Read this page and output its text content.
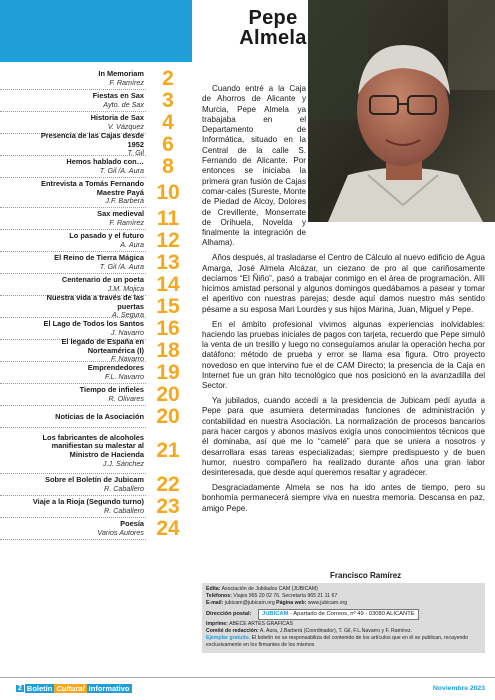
In Memoriam
F. Ramírez 2
Fiestas en Sax
Ayto. de Sax 3
Historia de Sax
V. Vázquez 4
Presencia de las Cajas desde 1952
T. Gil 6
Hemos hablado con…
T. Gil /A. Aura 8
Entrevista a Tomás Fernando Maestre Payá
J.F. Barberá 10
Sax medieval
F. Ramírez 11
Lo pasado y el futuro
A. Aura 12
El Reino de Tierra Mágica
T. Gil /A. Aura 13
Centenario de un poeta
J.M. Mojica 14
Nuestra vida a través de las puertas
A. Segura 15
El Lago de Todos los Santos
J. Navarro 16
El legado de España en Norteamérica (I)
F. Navarro 18
Emprendedores
F.L. Navarro 19
Tiempo de infieles
R. Olivares 20
Noticias de la Asociación 20
Los fabricantes de alcoholes manifiestan su malestar al Ministro de Hacienda
J.J. Sánchez
21
Sobre el Boletín de Jubicam
R. Caballero 22
Viaje a la Rioja (Segundo turno)
R. Caballero 23
Poesía
Varios Autores 24
Pepe
Almela

Cuando entré a la Caja de Ahorros de Alicante y Murcia, Pepe Almela ya trabajaba en el Departamento de Informática, situado en la Central de la calle S. Fernando de Alicante. Por entonces se iniciaba la primera gran fusión de Cajas comar-cales (Sureste, Monte de Piedad de Alcoy, Dolores de Crevillente, Monserrate de Orihuela, Novelda y finalmente la integración de Alhama).

Años después, al trasladarse el Centro de Cálculo al nuevo edificio de Agua Amarga, José Almela Alcázar, un ciezano de pro al que cariñosamente decíamos “El Ñiño”, pasó a trabajar conmigo en el área de programación. Allí hicimos amistad personal y algunos domingos quedábamos a pasear y tomar el aperitivo con nuestras parejas; desde aquí damos nuestro más sentido pésame a su esposa Mari Lourdes y sus hijos Marina, Juan, Miguel y Pepe.

En el ámbito profesional vivimos algunas experiencias inolvidables: haciendo las pruebas iniciales de pagos con tarjeta, recuerdo que Pepe simuló la venta de un tresillo y luego no conseguíamos anular la operación hecha por datáfono: método de prueba y error se llama esa figura. Otro proyecto novedoso en que intervino fue el de CAM Directo; la presencia de la Caja en Internet fue un gran hito tecnológico que nos posicionó en la avanzadilla del Sector.

Ya jubilados, cuando accedí a la presidencia de Jubicam pedí ayuda a Pepe para que asumiera determinadas funciones de administración y contabilidad en nuestra Asociación. La normalización de procesos bancarios para hacer cargos y abonos masivos exigía unos conocimientos técnicos que él dominaba, así que me lo “camelé” para que se uniera a nosotros y desarrollara esas tareas especializadas; siempre predispuesto y de buen humor, nuestro compañero ha realizado durante años una gran labor desinteresada, que desde aquí queremos resaltar y agradecer.

Desgraciadamente Almela se nos ha ido antes de tiempo, pero su bonhomía permanecerá siempre viva en nuestra memoria. Descansa en paz, amigo Pepe.

Francisco Ramírez
Edita: Asociación de Jubilados CAM (JUBICAM)
Teléfonos: Viajes 965 20 02 76. Secretaría 965 21 11 67
E-mail: jubicam@jubicam.org Página web: www.jubicam.org
Dirección postal:	JUBICAM - Apartado de Correos, nº 49 - 03080 ALICANTE
Imprime: ABECE ARTES GRÁFICAS
Comité de redacción: A. Aura, J.Barberá (Coordinador), T. Gil, F.L.Navarro y F. Ramírez.
Ejemplar gratuito. El boletín no se responsabiliza del contenido de los artículos que en él se publican, recayendo exclusivamente en los firmantes de los mismos
2 Boletín Cultural Informativo	Noviembre 2023
